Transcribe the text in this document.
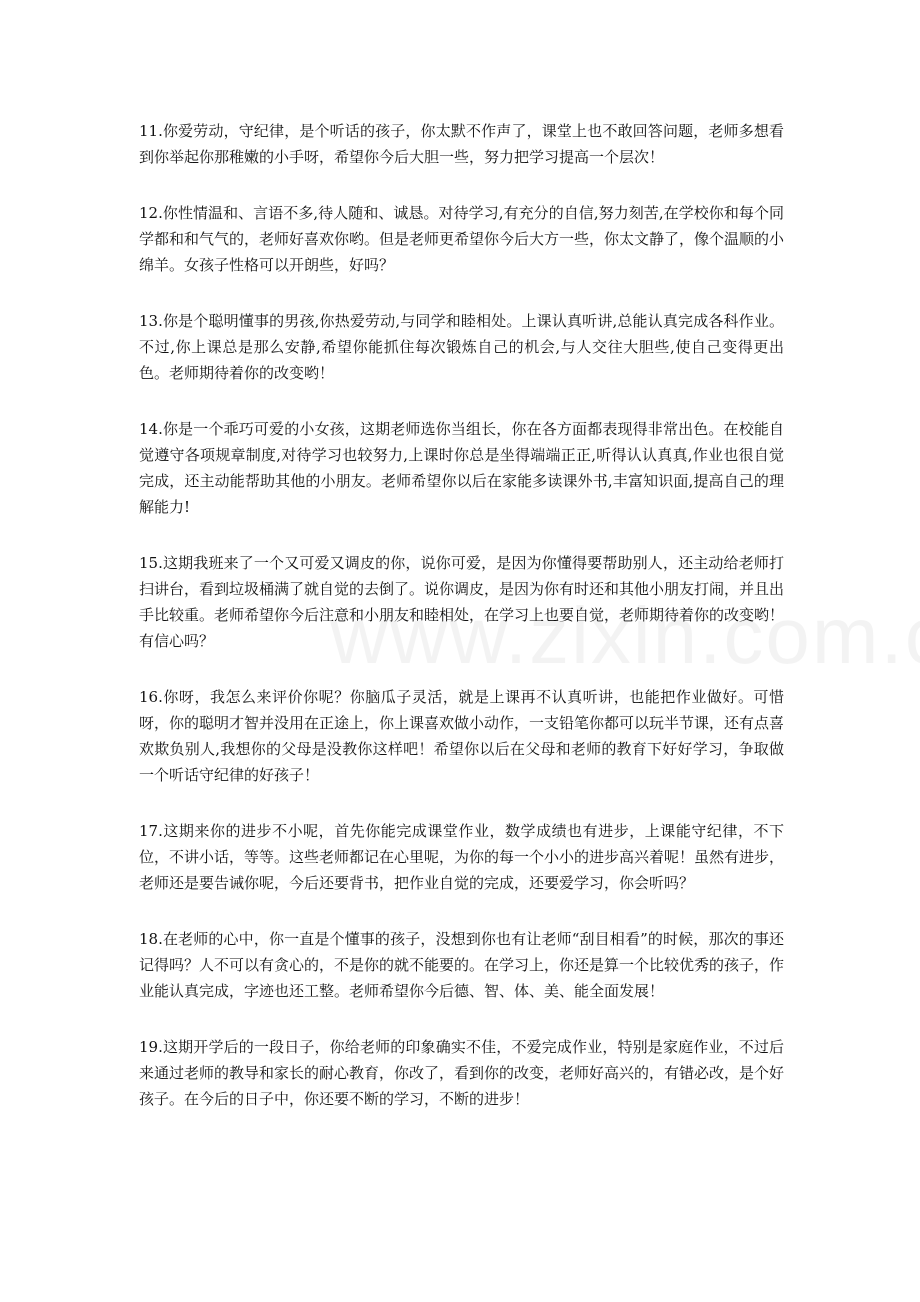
11.你爱劳动，守纪律，是个听话的孩子，你太默不作声了，课堂上也不敢回答问题，老师多想看到你举起你那稚嫩的小手呀，希望你今后大胆一些，努力把学习提高一个层次！

12.你性情温和、言语不多,待人随和、诚恳。对待学习,有充分的自信,努力刻苦,在学校你和每个同学都和和气气的，老师好喜欢你哟。但是老师更希望你今后大方一些，你太文静了，像个温顺的小绵羊。女孩子性格可以开朗些，好吗？

13.你是个聪明懂事的男孩,你热爱劳动,与同学和睦相处。上课认真听讲,总能认真完成各科作业。不过,你上课总是那么安静,希望你能抓住每次锻炼自己的机会,与人交往大胆些,使自己变得更出色。老师期待着你的改变哟！

14.你是一个乖巧可爱的小女孩，这期老师选你当组长，你在各方面都表现得非常出色。在校能自觉遵守各项规章制度,对待学习也较努力,上课时你总是坐得端端正正,听得认认真真,作业也很自觉完成，还主动能帮助其他的小朋友。老师希望你以后在家能多读课外书,丰富知识面,提高自己的理解能力!

15.这期我班来了一个又可爱又调皮的你，说你可爱，是因为你懂得要帮助别人，还主动给老师打扫讲台，看到垃圾桶满了就自觉的去倒了。说你调皮，是因为你有时还和其他小朋友打闹，并且出手比较重。老师希望你今后注意和小朋友和睦相处，在学习上也要自觉，老师期待着你的改变哟！有信心吗？

16.你呀，我怎么来评价你呢？你脑瓜子灵活，就是上课再不认真听讲，也能把作业做好。可惜呀，你的聪明才智并没用在正途上，你上课喜欢做小动作，一支铅笔你都可以玩半节课，还有点喜欢欺负别人,我想你的父母是没教你这样吧！希望你以后在父母和老师的教育下好好学习，争取做一个听话守纪律的好孩子！

17.这期来你的进步不小呢，首先你能完成课堂作业，数学成绩也有进步，上课能守纪律，不下位，不讲小话，等等。这些老师都记在心里呢，为你的每一个小小的进步高兴着呢！虽然有进步，老师还是要告诫你呢，今后还要背书，把作业自觉的完成，还要爱学习，你会听吗？

18.在老师的心中，你一直是个懂事的孩子，没想到你也有让老师“刮目相看”的时候，那次的事还记得吗？人不可以有贪心的，不是你的就不能要的。在学习上，你还是算一个比较优秀的孩子，作业能认真完成，字迹也还工整。老师希望你今后德、智、体、美、能全面发展！

19.这期开学后的一段日子，你给老师的印象确实不佳，不爱完成作业，特别是家庭作业，不过后来通过老师的教导和家长的耐心教育，你改了，看到你的改变，老师好高兴的，有错必改，是个好孩子。在今后的日子中，你还要不断的学习，不断的进步！
